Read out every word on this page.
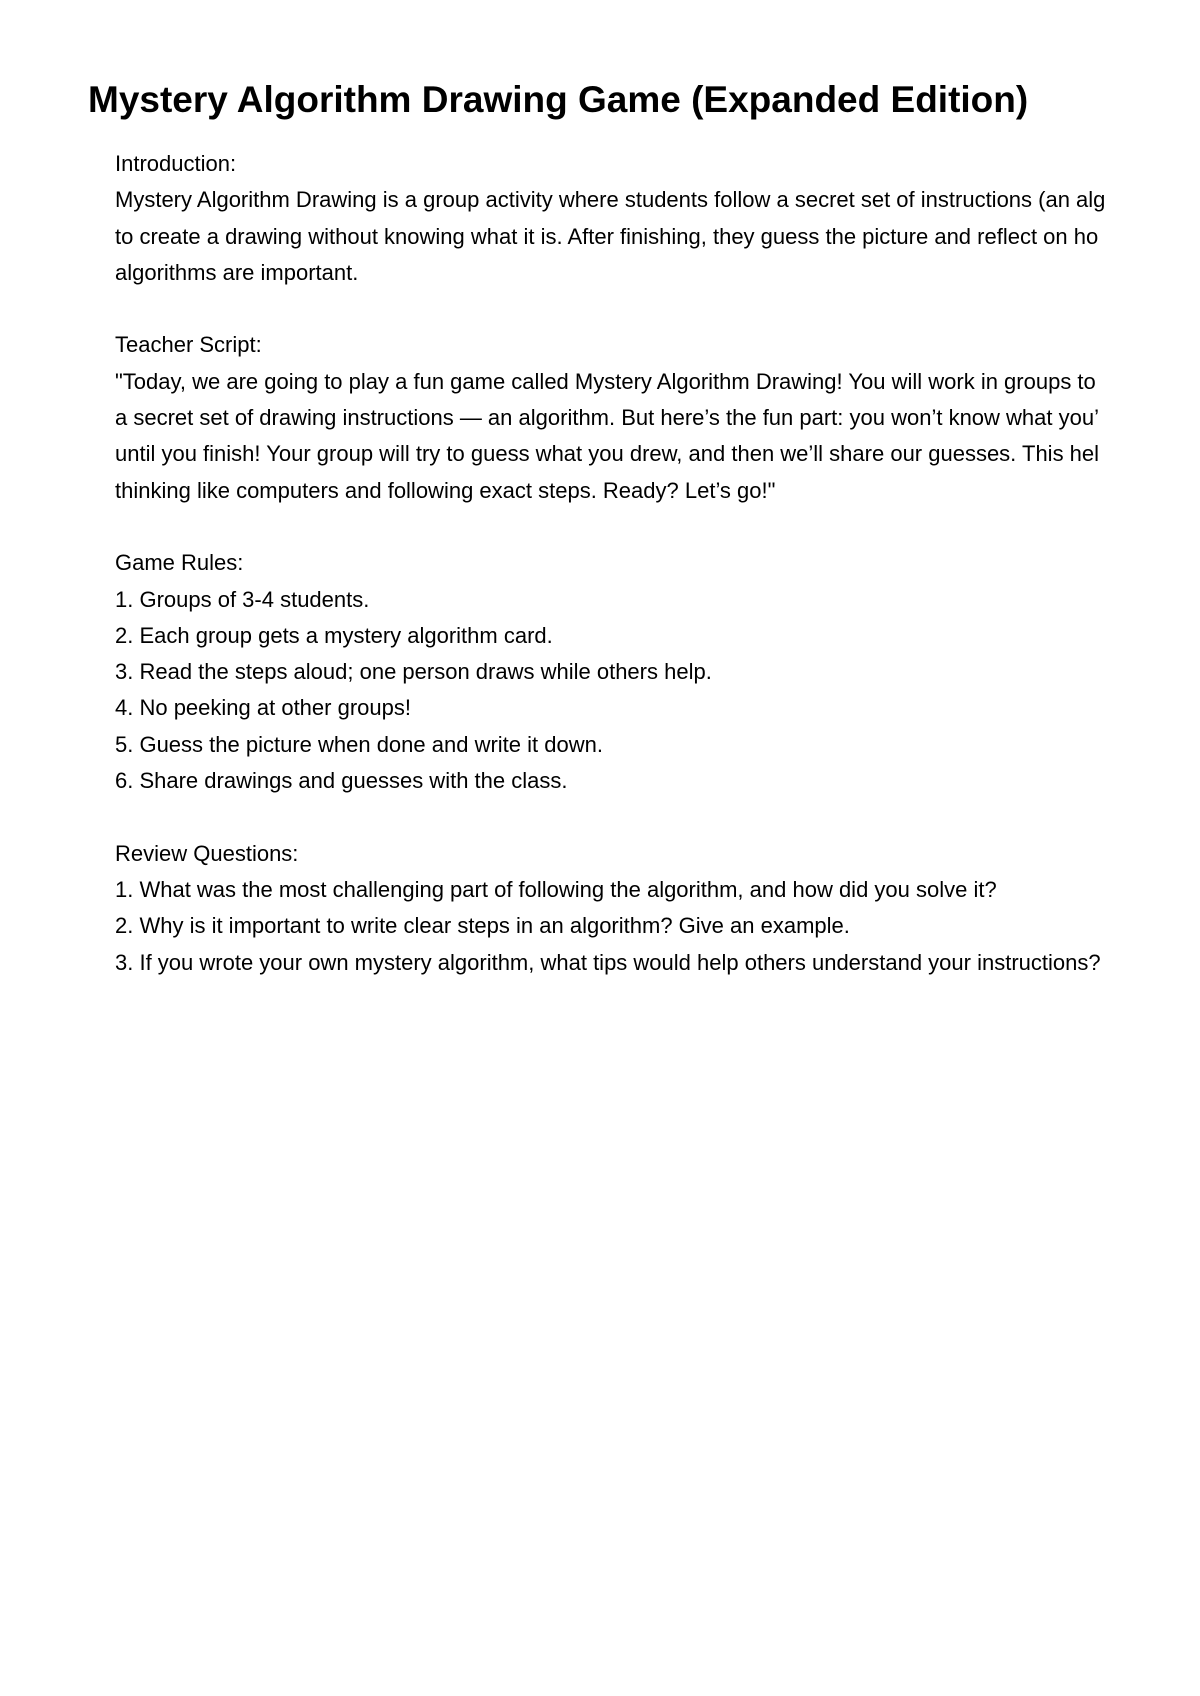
Mystery Algorithm Drawing Game (Expanded Edition)

Introduction:

Mystery Algorithm Drawing is a group activity where students follow a secret set of instructions (an alg

to create a drawing without knowing what it is. After finishing, they guess the picture and reflect on ho

algorithms are important.

Teacher Script:

"Today, we are going to play a fun game called Mystery Algorithm Drawing! You will work in groups to

a secret set of drawing instructions — an algorithm. But here’s the fun part: you won’t know what you’

until you finish! Your group will try to guess what you drew, and then we’ll share our guesses. This hel

thinking like computers and following exact steps. Ready? Let’s go!"

Game Rules:

1. Groups of 3-4 students.

2. Each group gets a mystery algorithm card.

3. Read the steps aloud; one person draws while others help.

4. No peeking at other groups!

5. Guess the picture when done and write it down.

6. Share drawings and guesses with the class.

Review Questions:

1. What was the most challenging part of following the algorithm, and how did you solve it?

2. Why is it important to write clear steps in an algorithm? Give an example.

3. If you wrote your own mystery algorithm, what tips would help others understand your instructions?
